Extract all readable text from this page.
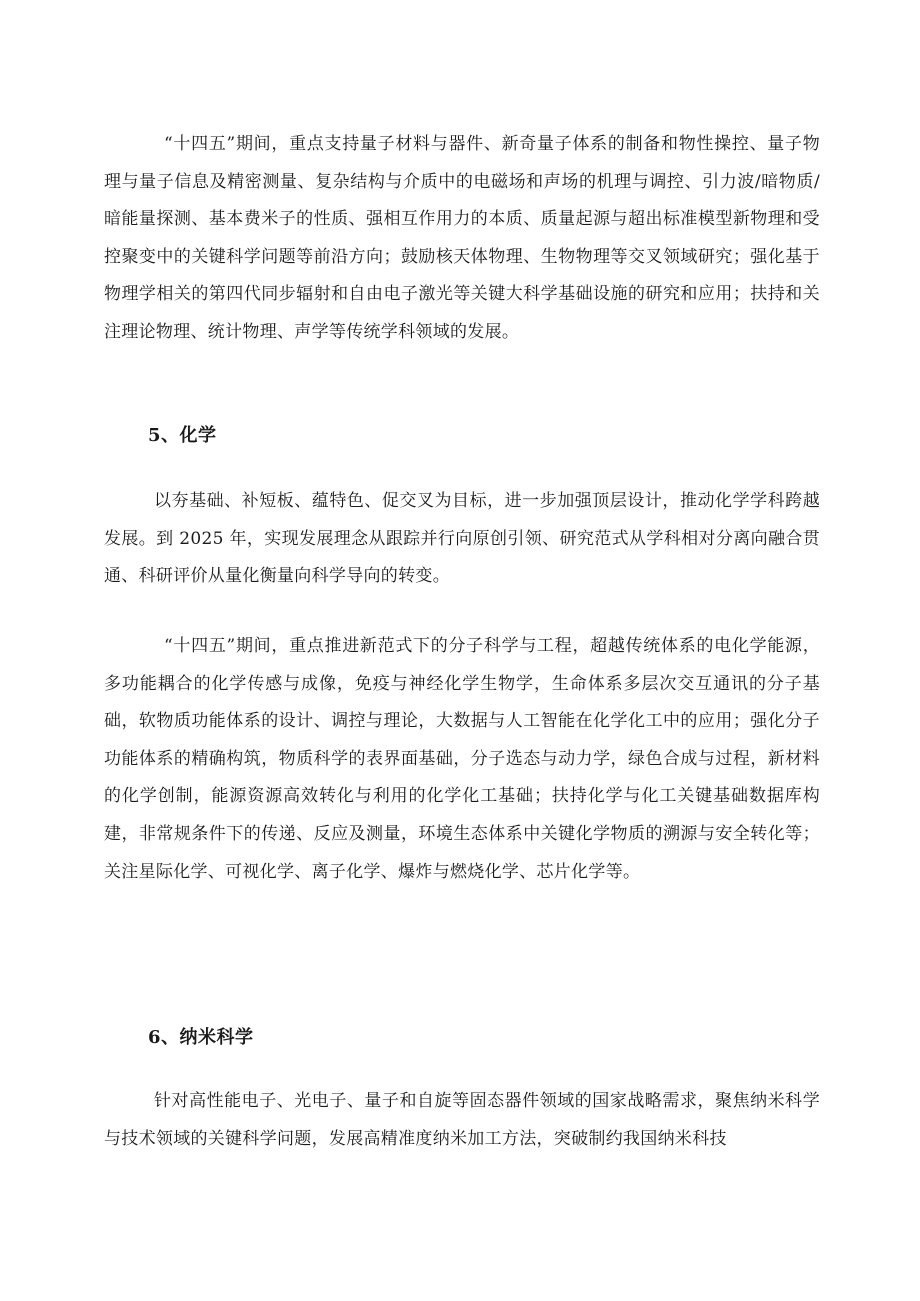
“十四五”期间，重点支持量子材料与器件、新奇量子体系的制备和物性操控、量子物理与量子信息及精密测量、复杂结构与介质中的电磁场和声场的机理与调控、引力波/暗物质/暗能量探测、基本费米子的性质、强相互作用力的本质、质量起源与超出标准模型新物理和受控聚变中的关键科学问题等前沿方向；鼓励核天体物理、生物物理等交叉领域研究；强化基于物理学相关的第四代同步辐射和自由电子激光等关键大科学基础设施的研究和应用；扶持和关注理论物理、统计物理、声学等传统学科领域的发展。

5、化学

以夯基础、补短板、蕴特色、促交叉为目标，进一步加强顶层设计，推动化学学科跨越发展。到 2025 年，实现发展理念从跟踪并行向原创引领、研究范式从学科相对分离向融合贯通、科研评价从量化衡量向科学导向的转变。

“十四五”期间，重点推进新范式下的分子科学与工程，超越传统体系的电化学能源，多功能耦合的化学传感与成像，免疫与神经化学生物学，生命体系多层次交互通讯的分子基础，软物质功能体系的设计、调控与理论，大数据与人工智能在化学化工中的应用；强化分子功能体系的精确构筑，物质科学的表界面基础，分子选态与动力学，绿色合成与过程，新材料的化学创制，能源资源高效转化与利用的化学化工基础；扶持化学与化工关键基础数据库构建，非常规条件下的传递、反应及测量，环境生态体系中关键化学物质的溯源与安全转化等；关注星际化学、可视化学、离子化学、爆炸与燃烧化学、芯片化学等。

6、纳米科学

针对高性能电子、光电子、量子和自旋等固态器件领域的国家战略需求，聚焦纳米科学与技术领域的关键科学问题，发展高精准度纳米加工方法，突破制约我国纳米科技
